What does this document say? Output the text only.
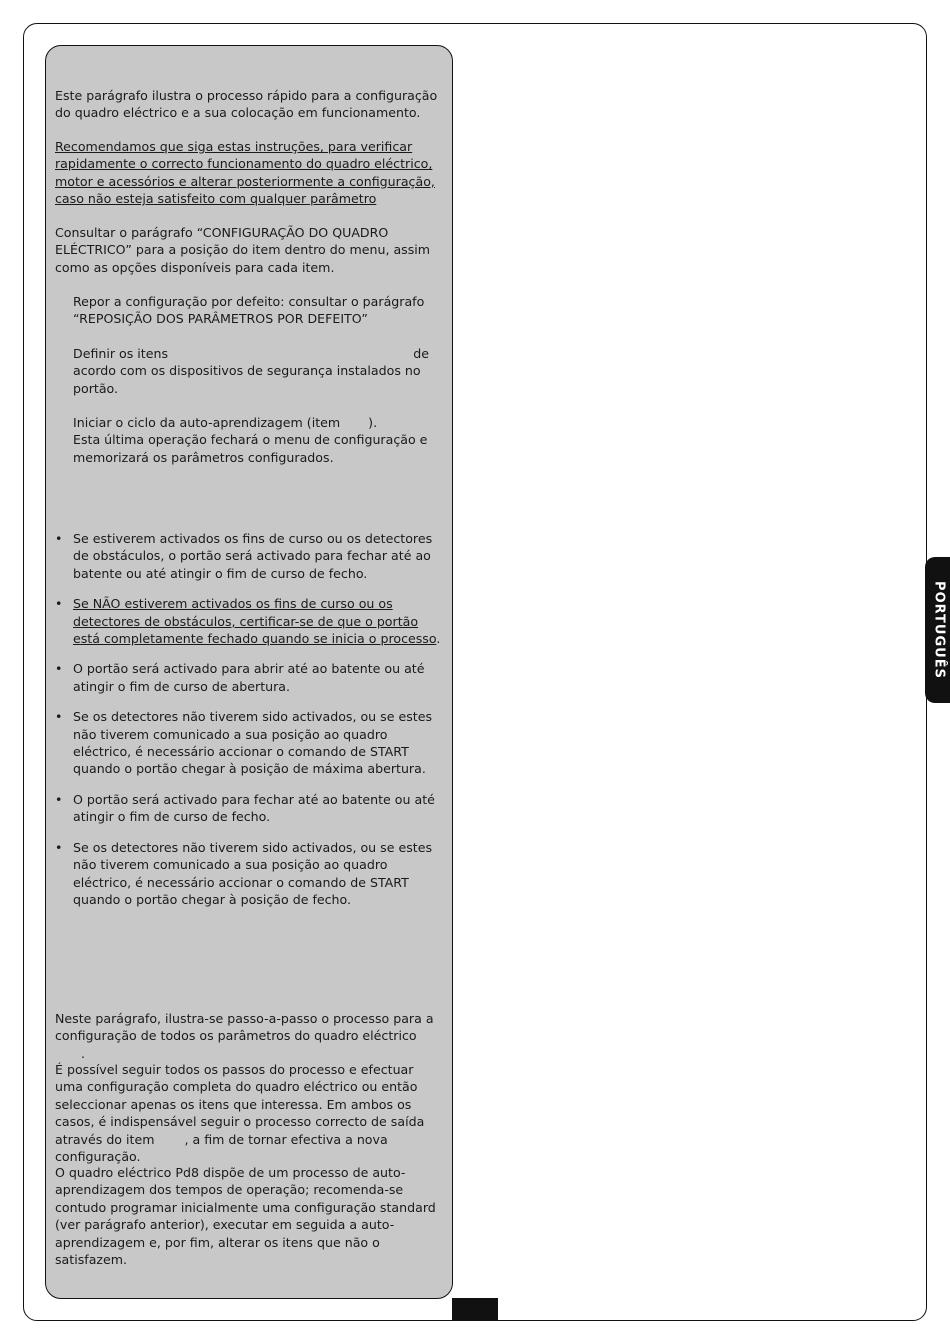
Este parágrafo ilustra o processo rápido para a configuração do quadro eléctrico e a sua colocação em funcionamento.

Recomendamos que siga estas instruções, para verificar rapidamente o correcto funcionamento do quadro eléctrico, motor e acessórios e alterar posteriormente a configuração, caso não esteja satisfeito com qualquer parâmetro

Consultar o parágrafo “CONFIGURAÇÃO DO QUADRO ELÉCTRICO” para a posição do item dentro do menu, assim como as opções disponíveis para cada item.

Repor a configuração por defeito: consultar o parágrafo “REPOSIÇÃO DOS PARÂMETROS POR DEFEITO”

Definir os itens	de
acordo com os dispositivos de segurança instalados no portão.

Iniciar o ciclo da auto-aprendizagem (item ).
Esta última operação fechará o menu de configuração e memorizará os parâmetros configurados.

• Se estiverem activados os fins de curso ou os detectores de obstáculos, o portão será activado para fechar até ao batente ou até atingir o fim de curso de fecho.
• Se NÃO estiverem activados os fins de curso ou os detectores de obstáculos, certificar-se de que o portão está completamente fechado quando se inicia o processo.
• O portão será activado para abrir até ao batente ou até atingir o fim de curso de abertura.
• Se os detectores não tiverem sido activados, ou se estes não tiverem comunicado a sua posição ao quadro eléctrico, é necessário accionar o comando de START quando o portão chegar à posição de máxima abertura.
• O portão será activado para fechar até ao batente ou até atingir o fim de curso de fecho.
• Se os detectores não tiverem sido activados, ou se estes não tiverem comunicado a sua posição ao quadro eléctrico, é necessário accionar o comando de START quando o portão chegar à posição de fecho.

Neste parágrafo, ilustra-se passo-a-passo o processo para a configuração de todos os parâmetros do quadro eléctrico.

É possível seguir todos os passos do processo e efectuar uma configuração completa do quadro eléctrico ou então seleccionar apenas os itens que interessa. Em ambos os casos, é indispensável seguir o processo correcto de saída através do item , a fim de tornar efectiva a nova configuração.

O quadro eléctrico Pd8 dispõe de um processo de auto-aprendizagem dos tempos de operação; recomenda-se contudo programar inicialmente uma configuração standard (ver parágrafo anterior), executar em seguida a auto-aprendizagem e, por fim, alterar os itens que não o satisfazem.

PORTUGUÊS
